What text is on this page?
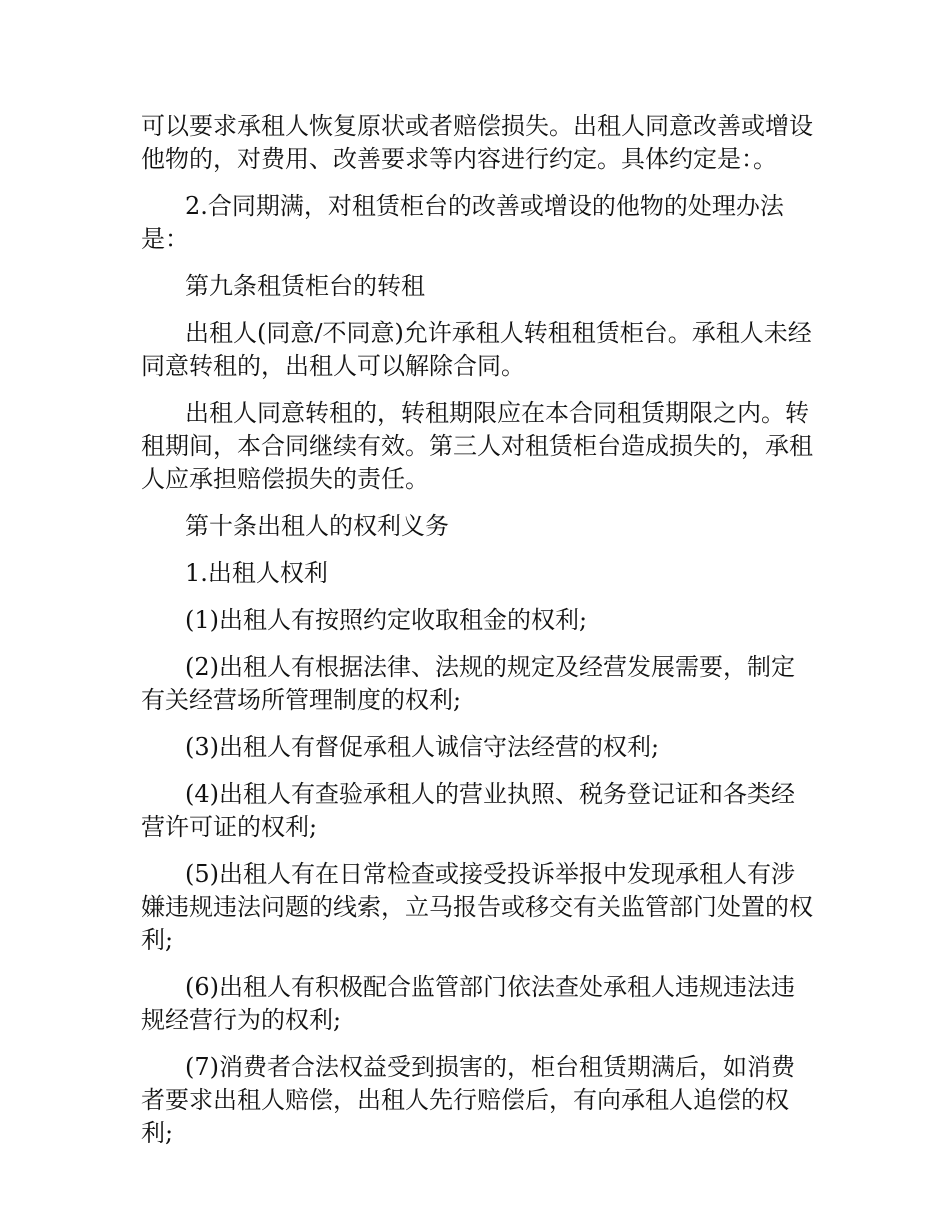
可以要求承租人恢复原状或者赔偿损失。出租人同意改善或增设他物的，对费用、改善要求等内容进行约定。具体约定是：。

2.合同期满，对租赁柜台的改善或增设的他物的处理办法是：

第九条租赁柜台的转租

出租人(同意/不同意)允许承租人转租租赁柜台。承租人未经同意转租的，出租人可以解除合同。

出租人同意转租的，转租期限应在本合同租赁期限之内。转租期间，本合同继续有效。第三人对租赁柜台造成损失的，承租人应承担赔偿损失的责任。

第十条出租人的权利义务

1.出租人权利

(1)出租人有按照约定收取租金的权利;

(2)出租人有根据法律、法规的规定及经营发展需要，制定有关经营场所管理制度的权利;

(3)出租人有督促承租人诚信守法经营的权利;

(4)出租人有查验承租人的营业执照、税务登记证和各类经营许可证的权利;

(5)出租人有在日常检查或接受投诉举报中发现承租人有涉嫌违规违法问题的线索，立马报告或移交有关监管部门处置的权利;

(6)出租人有积极配合监管部门依法查处承租人违规违法违规经营行为的权利;

(7)消费者合法权益受到损害的，柜台租赁期满后，如消费者要求出租人赔偿，出租人先行赔偿后，有向承租人追偿的权利;
